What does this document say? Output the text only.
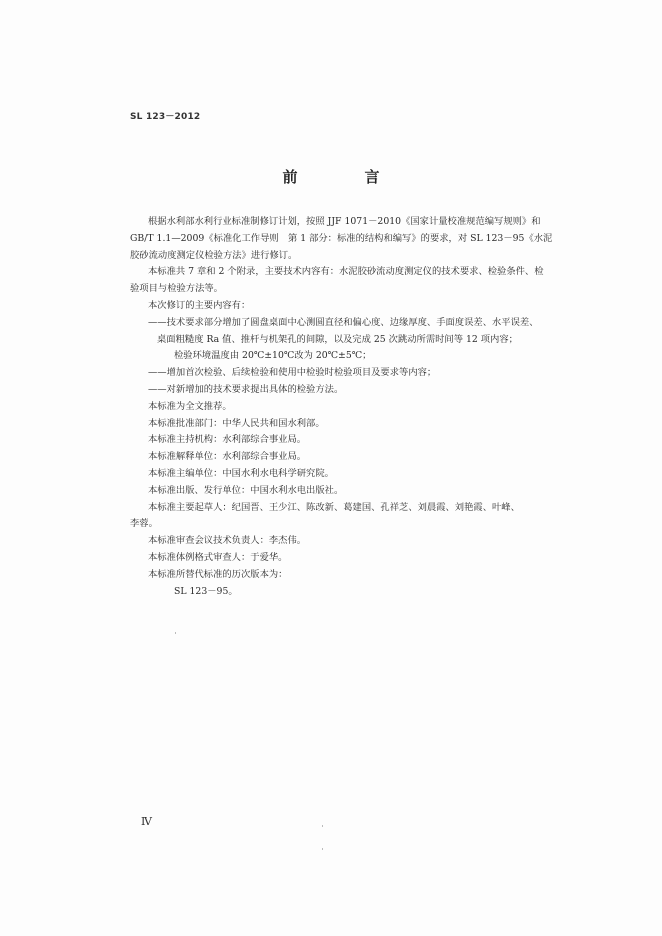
SL 123－2012
前　言
根据水利部水利行业标准制修订计划，按照 JJF 1071－2010《国家计量校准规范编写规则》和
GB/T 1.1—2009《标准化工作导则　第 1 部分：标准的结构和编写》的要求，对 SL 123－95《水泥
胶砂流动度测定仪检验方法》进行修订。
本标准共 7 章和 2 个附录，主要技术内容有：水泥胶砂流动度测定仪的技术要求、检验条件、检
验项目与检验方法等。
本次修订的主要内容有：
——技术要求部分增加了圆盘桌面中心测圆直径和偏心度、边缘厚度、手面度误差、水平误差、
桌面粗糙度 Ra 值、推杆与机架孔的间隙，以及完成 25 次跳动所需时间等 12 项内容；
检验环境温度由 20℃±10℃改为 20℃±5℃；
——增加首次检验、后续检验和使用中检验时检验项目及要求等内容；
——对新增加的技术要求提出具体的检验方法。
本标准为全文推荐。
本标准批准部门：中华人民共和国水利部。
本标准主持机构：水利部综合事业局。
本标准解释单位：水利部综合事业局。
本标准主编单位：中国水利水电科学研究院。
本标准出版、发行单位：中国水利水电出版社。
本标准主要起草人：纪国晋、王少江、陈改新、葛建国、孔祥芝、刘晨霞、刘艳霞、叶峰、
李蓉。
本标准审查会议技术负责人：李杰伟。
本标准体例格式审查人：于爱华。
本标准所替代标准的历次版本为：
SL 123－95。
Ⅳ
